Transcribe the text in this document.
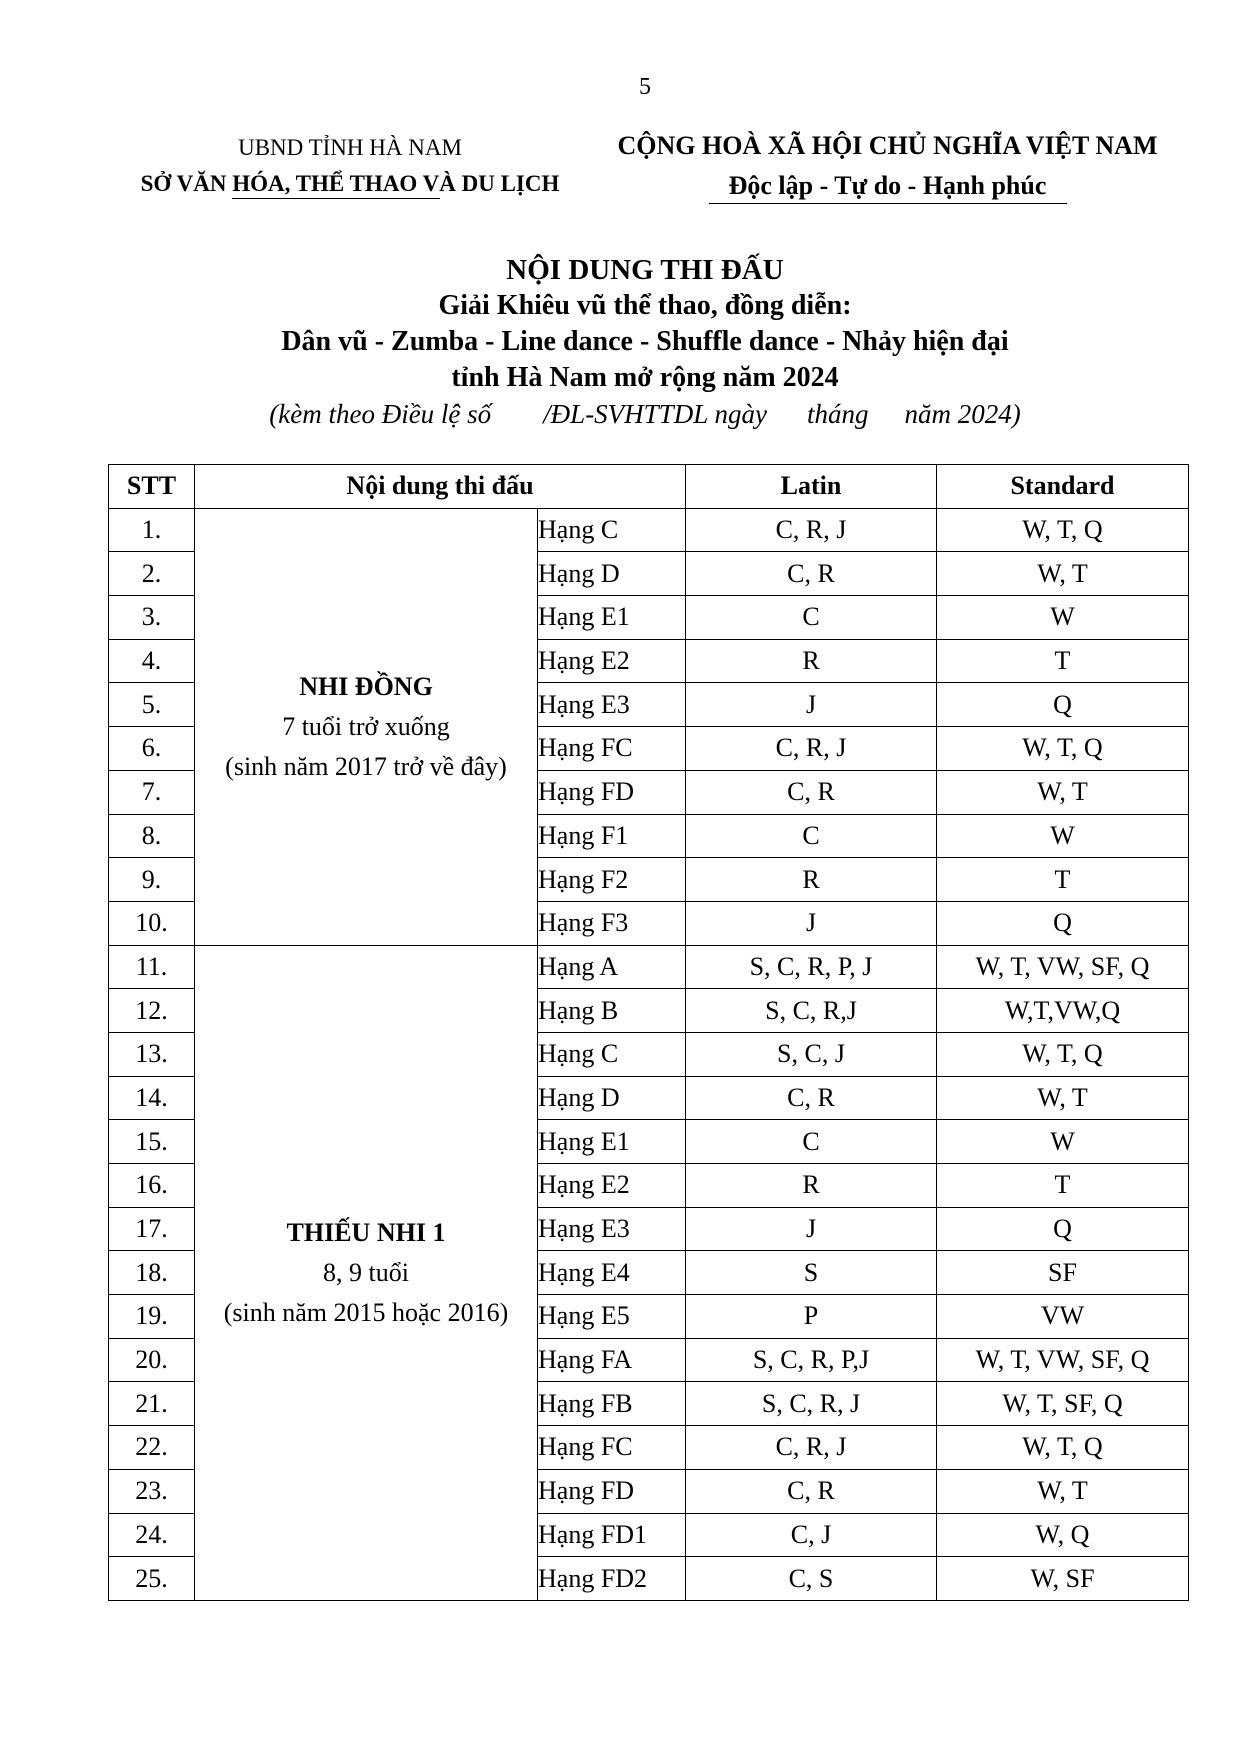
5
UBND TỈNH HÀ NAM
SỞ VĂN HÓA, THỂ THAO VÀ DU LỊCH
CỘNG HOÀ XÃ HỘI CHỦ NGHĨA VIỆT NAM
Độc lập - Tự do - Hạnh phúc
NỘI DUNG THI ĐẤU
Giải Khiêu vũ thể thao, đồng diễn:
Dân vũ - Zumba - Line dance - Shuffle dance - Nhảy hiện đại
tỉnh Hà Nam mở rộng năm 2024
(kèm theo Điều lệ số /ĐL-SVHTTDL ngày tháng năm 2024)
STT	Nội dung thi đấu		Latin	Standard
1.	NHI ĐỒNG
7 tuổi trở xuống
(sinh năm 2017 trở về đây)	Hạng C	C, R, J	W, T, Q
2.		Hạng D	C, R	W, T
3.		Hạng E1	C	W
4.		Hạng E2	R	T
5.		Hạng E3	J	Q
6.		Hạng FC	C, R, J	W, T, Q
7.		Hạng FD	C, R	W, T
8.		Hạng F1	C	W
9.		Hạng F2	R	T
10.		Hạng F3	J	Q
11.	THIẾU NHI 1
8, 9 tuổi
(sinh năm 2015 hoặc 2016)	Hạng A	S, C, R, P, J	W, T, VW, SF, Q
12.		Hạng B	S, C, R,J	W,T,VW,Q
13.		Hạng C	S, C, J	W, T, Q
14.		Hạng D	C, R	W, T
15.		Hạng E1	C	W
16.		Hạng E2	R	T
17.		Hạng E3	J	Q
18.		Hạng E4	S	SF
19.		Hạng E5	P	VW
20.		Hạng FA	S, C, R, P,J	W, T, VW, SF, Q
21.		Hạng FB	S, C, R, J	W, T, SF, Q
22.		Hạng FC	C, R, J	W, T, Q
23.		Hạng FD	C, R	W, T
24.		Hạng FD1	C, J	W, Q
25.		Hạng FD2	C, S	W, SF
